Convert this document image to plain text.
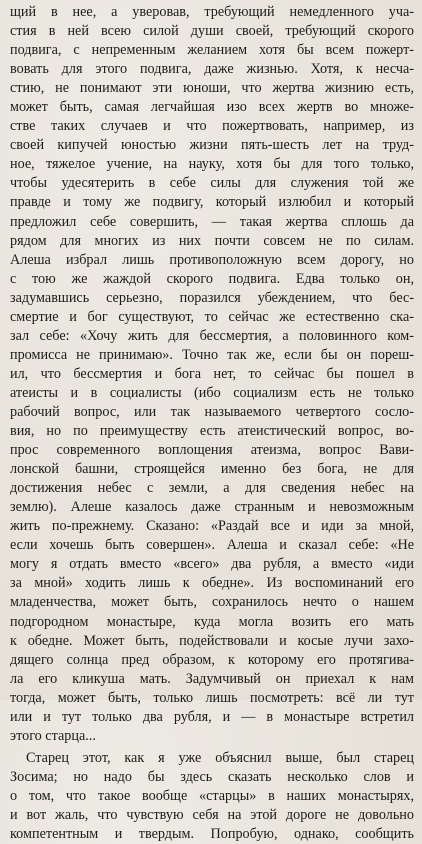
щий в нее, а уверовав, требующий немедленного уча-
стия в ней всею силой души своей, требующий скорого
подвига, с непременным желанием хотя бы всем пожерт-
вовать для этого подвига, даже жизнью. Хотя, к несча-
стию, не понимают эти юноши, что жертва жизнию есть,
может быть, самая легчайшая изо всех жертв во множе-
стве таких случаев и что пожертвовать, например, из
своей кипучей юностью жизни пять-шесть лет на труд-
ное, тяжелое учение, на науку, хотя бы для того только,
чтобы удесятерить в себе силы для служения той же
правде и тому же подвигу, который излюбил и который
предложил себе совершить, — такая жертва сплошь да
рядом для многих из них почти совсем не по силам.
Алеша избрал лишь противоположную всем дорогу, но
с тою же жаждой скорого подвига. Едва только он,
задумавшись серьезно, поразился убеждением, что бес-
смертие и бог существуют, то сейчас же естественно ска-
зал себе: «Хочу жить для бессмертия, а половинного ком-
промисса не принимаю». Точно так же, если бы он пореш-
ил, что бессмертия и бога нет, то сейчас бы пошел в
атеисты и в социалисты (ибо социализм есть не только
рабочий вопрос, или так называемого четвертого сосло-
вия, но по преимуществу есть атеистический вопрос, во-
прос современного воплощения атеизма, вопрос Вави-
лонской башни, строящейся именно без бога, не для
достижения небес с земли, а для сведения небес на
землю). Алеше казалось даже странным и невозможным
жить по-прежнему. Сказано: «Раздай все и иди за мной,
если хочешь быть совершен». Алеша и сказал себе: «Не
могу я отдать вместо «всего» два рубля, а вместо «иди
за мной» ходить лишь к обедне». Из воспоминаний его
младенчества, может быть, сохранилось нечто о нашем
подгородном монастыре, куда могла возить его мать
к обедне. Может быть, подействовали и косые лучи захо-
дящего солнца пред образом, к которому его протягива-
ла его кликуша мать. Задумчивый он приехал к нам
тогда, может быть, только лишь посмотреть: всё ли тут
или и тут только два рубля, и — в монастыре встретил
этого старца...
Старец этот, как я уже объяснил выше, был старец
Зосима; но надо бы здесь сказать несколько слов и
о том, что такое вообще «старцы» в наших монастырях,
и вот жаль, что чувствую себя на этой дороге не довольно
компетентным и твердым. Попробую, однако, сообщить
